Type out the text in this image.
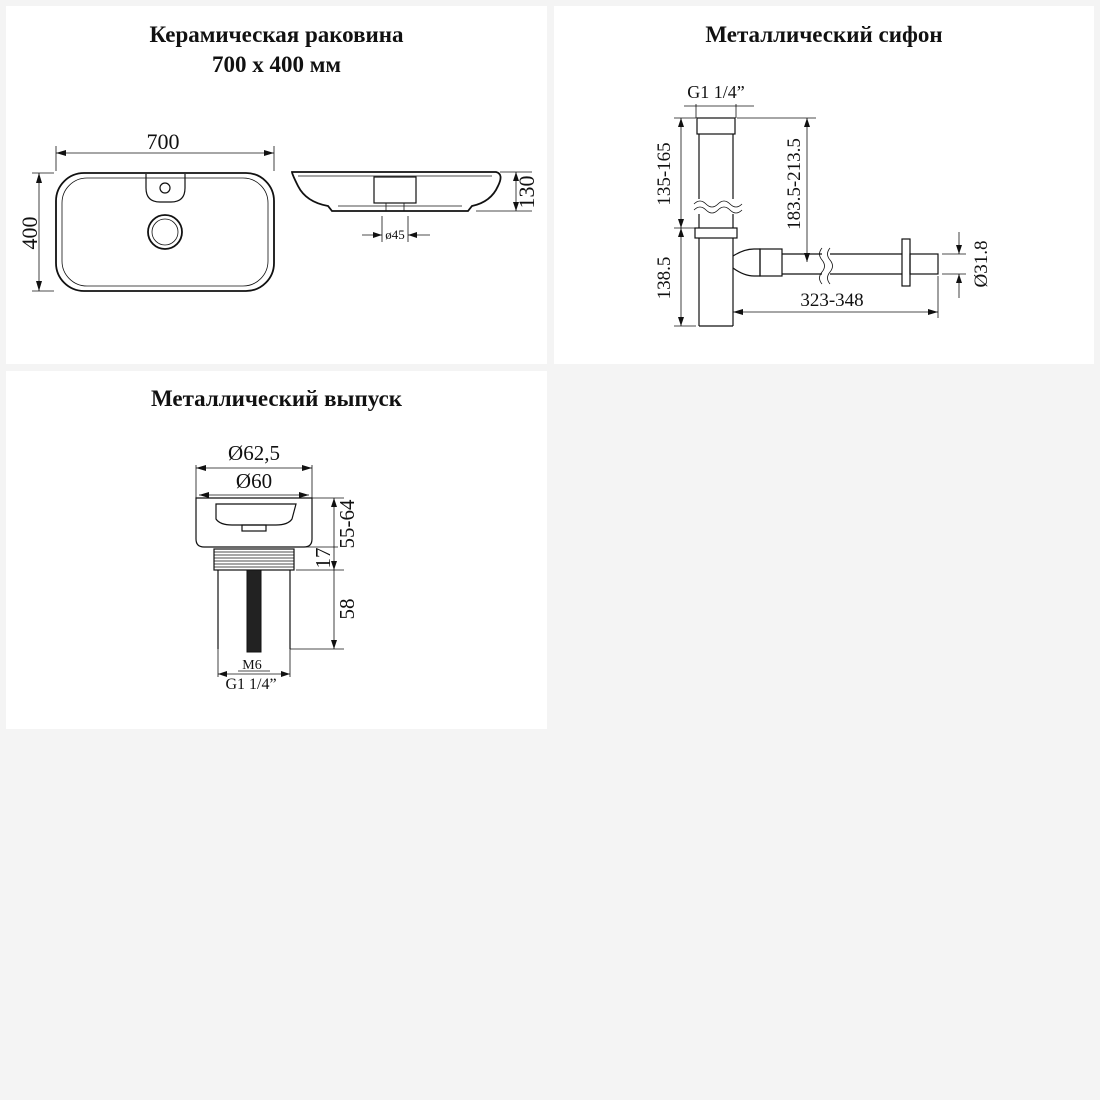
Керамическая раковина
700 х 400 мм
700
400
130
ø45
Металлический сифон
G1 1/4”
135-165
138.5
183.5-213.5
323-348
Ø31.8
Металлический выпуск
Ø62,5
Ø60
55-64
17
58
M6
G1 1/4”
